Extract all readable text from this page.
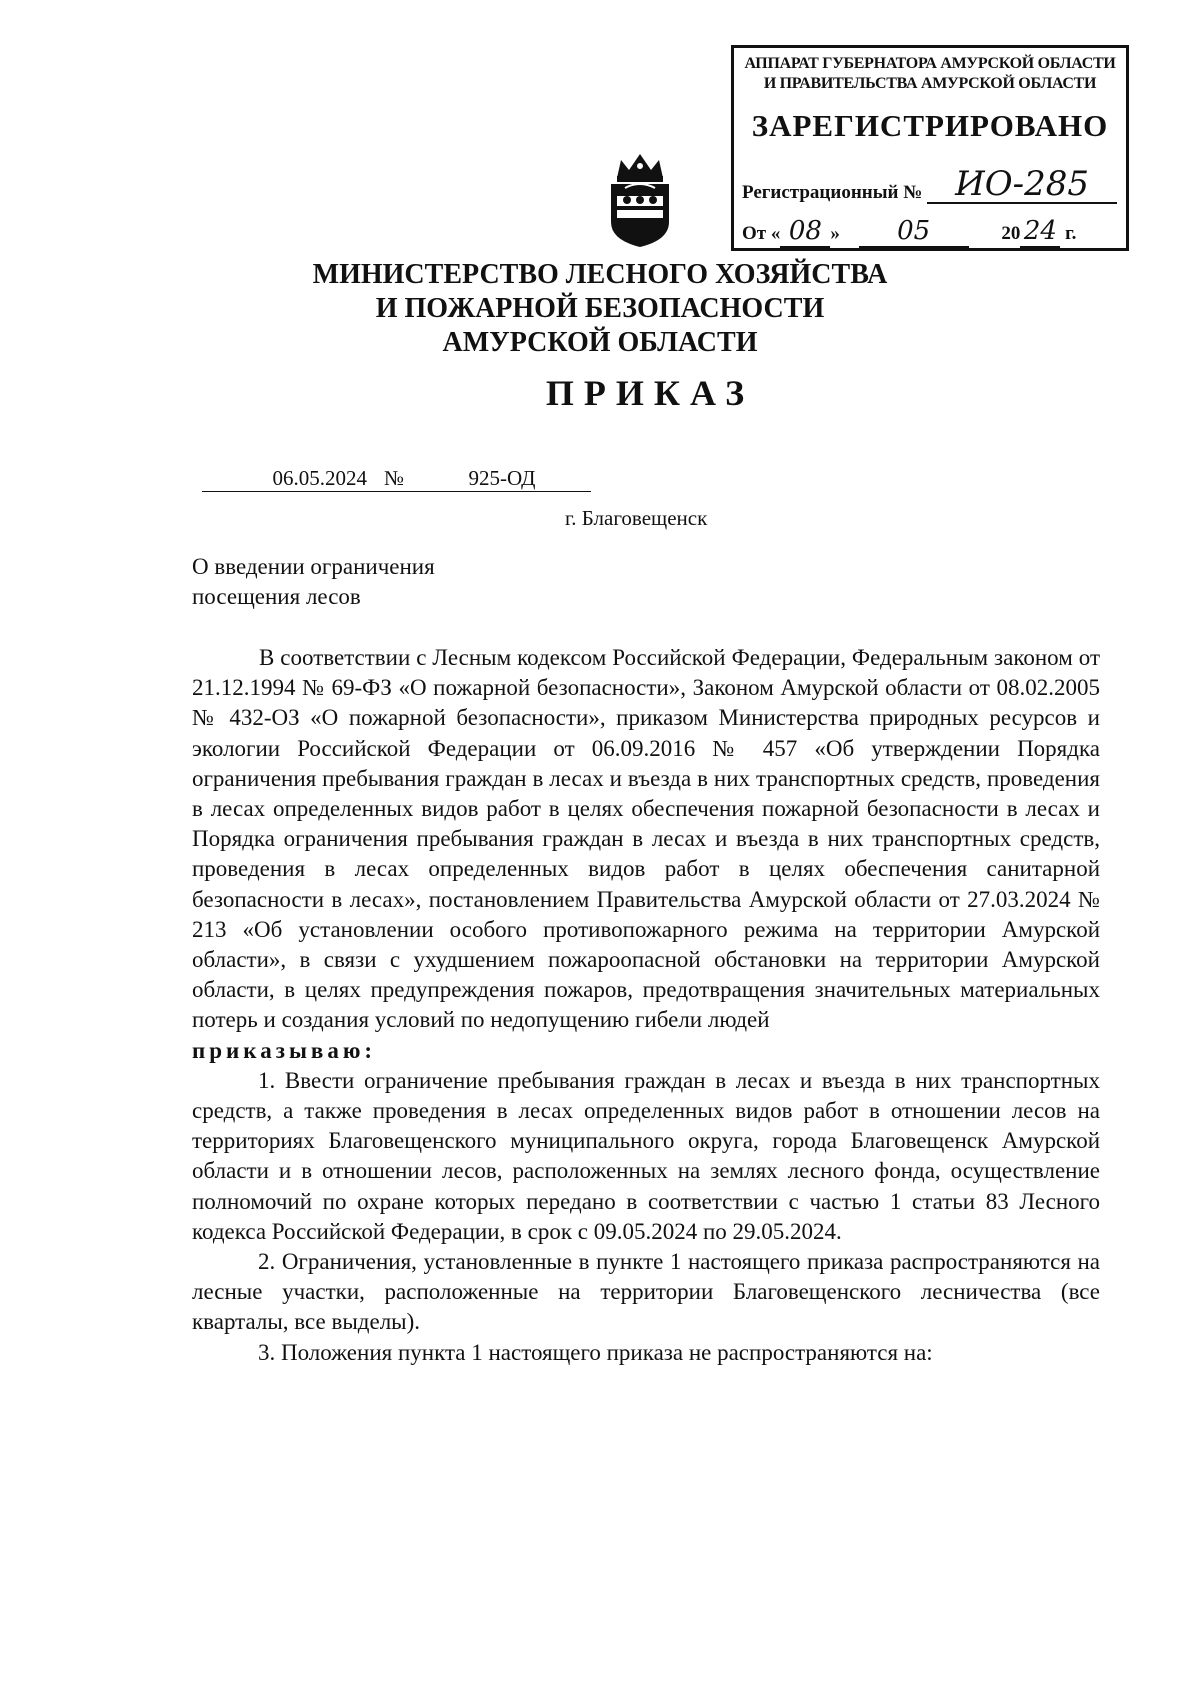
АППАРАТ ГУБЕРНАТОРА АМУРСКОЙ ОБЛАСТИ
И ПРАВИТЕЛЬСТВА АМУРСКОЙ ОБЛАСТИ
ЗАРЕГИСТРИРОВАНО
Регистрационный № ИО-285
От « 08 » 05	20 24 г.
МИНИСТЕРСТВО ЛЕСНОГО ХОЗЯЙСТВА
И ПОЖАРНОЙ БЕЗОПАСНОСТИ
АМУРСКОЙ ОБЛАСТИ
ПРИКАЗ
06.05.2024 №	925-ОД
г. Благовещенск
О введении ограничения
посещения лесов

В соответствии с Лесным кодексом Российской Федерации, Федеральным законом от 21.12.1994 № 69-ФЗ «О пожарной безопасности», Законом Амурской области от 08.02.2005 № 432-ОЗ «О пожарной безопасности», приказом Министерства природных ресурсов и экологии Российской Федерации от 06.09.2016 № 457 «Об утверждении Порядка ограничения пребывания граждан в лесах и въезда в них транспортных средств, проведения в лесах определенных видов работ в целях обеспечения пожарной безопасности в лесах и Порядка ограничения пребывания граждан в лесах и въезда в них транспортных средств, проведения в лесах определенных видов работ в целях обеспечения санитарной безопасности в лесах», постановлением Правительства Амурской области от 27.03.2024 № 213 «Об установлении особого противопожарного режима на территории Амурской области», в связи с ухудшением пожароопасной обстановки на территории Амурской области, в целях предупреждения пожаров, предотвращения значительных материальных потерь и создания условий по недопущению гибели людей

приказываю:

1. Ввести ограничение пребывания граждан в лесах и въезда в них транспортных средств, а также проведения в лесах определенных видов работ в отношении лесов на территориях Благовещенского муниципального округа, города Благовещенск Амурской области и в отношении лесов, расположенных на землях лесного фонда, осуществление полномочий по охране которых передано в соответствии с частью 1 статьи 83 Лесного кодекса Российской Федерации, в срок с 09.05.2024 по 29.05.2024.

2. Ограничения, установленные в пункте 1 настоящего приказа распространяются на лесные участки, расположенные на территории Благовещенского лесничества (все кварталы, все выделы).

3. Положения пункта 1 настоящего приказа не распространяются на:
